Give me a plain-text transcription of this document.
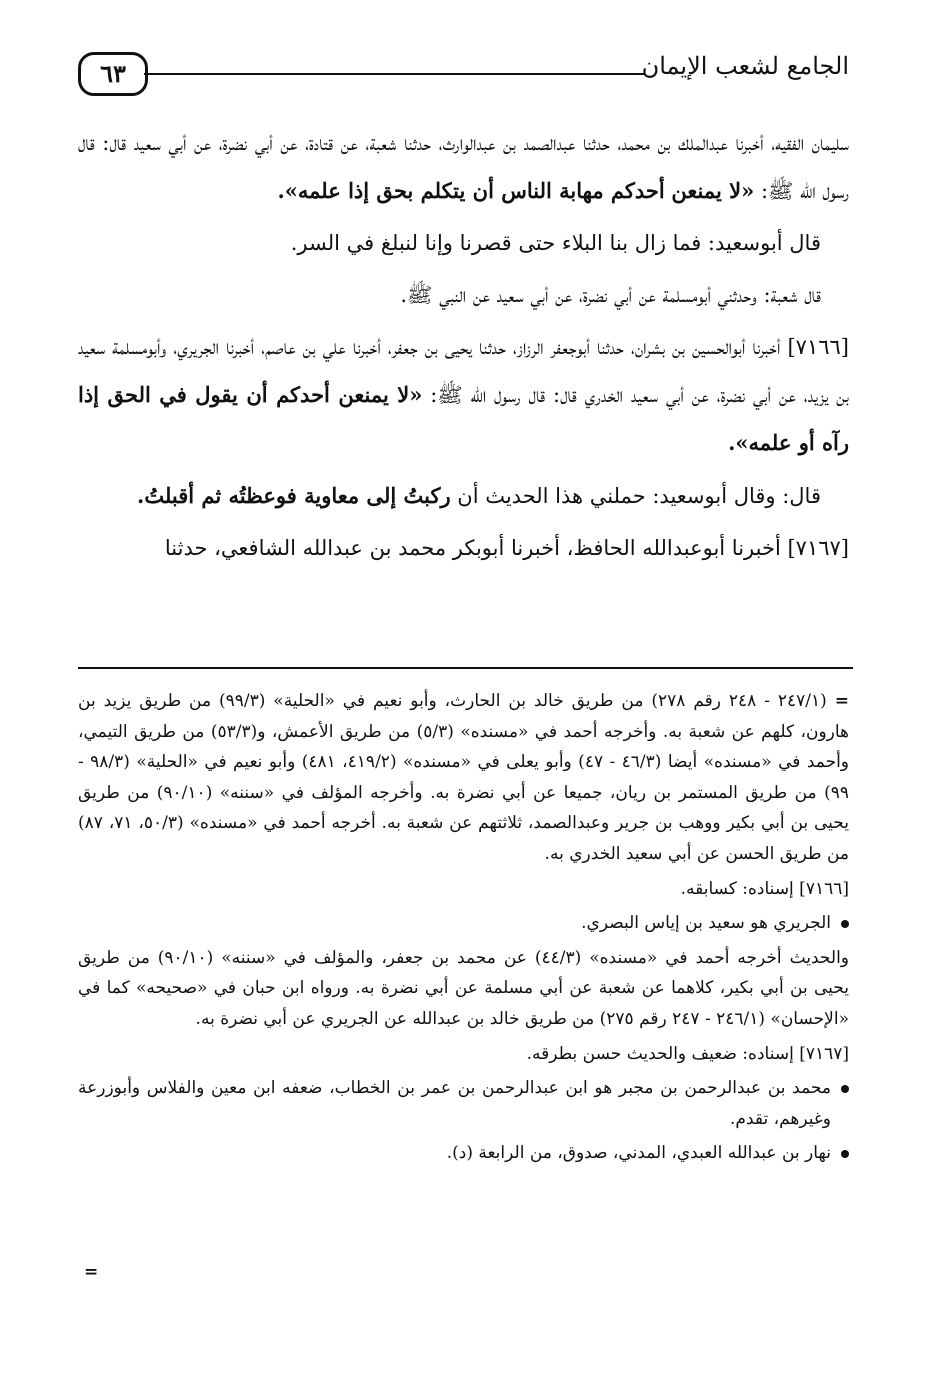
٦٣	الجامع لشعب الإيمان

سليمان الفقيه، أخبرنا عبدالملك بن محمد، حدثنا عبدالصمد بن عبدالوارث، حدثنا شعبة، عن قتادة، عن أبي نضرة، عن أبي سعيد قال: قال رسول الله ﷺ: «لا يمنعن أحدكم مهابة الناس أن يتكلم بحق إذا علمه».

قال أبوسعيد: فما زال بنا البلاء حتى قصرنا وإنا لنبلغ في السر.

قال شعبة: وحدثني أبومسلمة عن أبي نضرة، عن أبي سعيد عن النبي ﷺ.

[٧١٦٦] أخبرنا أبوالحسين بن بشران، حدثنا أبوجعفر الرزاز، حدثنا يحيى بن جعفر، أخبرنا علي بن عاصم، أخبرنا الجريري، وأبومسلمة سعيد بن يزيد، عن أبي نضرة، عن أبي سعيد الخدري قال: قال رسول الله ﷺ: «لا يمنعن أحدكم أن يقول في الحق إذا رآه أو علمه».

قال: وقال أبوسعيد: حملني هذا الحديث أن ركبتُ إلى معاوية فوعظتُه ثم أقبلتُ.

[٧١٦٧] أخبرنا أبوعبدالله الحافظ، أخبرنا أبوبكر محمد بن عبدالله الشافعي، حدثنا

= (٢٤٧/١ - ٢٤٨ رقم ٢٧٨) من طريق خالد بن الحارث، وأبو نعيم في «الحلية» (٩٩/٣) من طريق يزيد بن هارون، كلهم عن شعبة به. وأخرجه أحمد في «مسنده» (٥/٣) من طريق الأعمش، و(٥٣/٣) من طريق التيمي، وأحمد في «مسنده» أيضا (٤٦/٣ - ٤٧) وأبو يعلى في «مسنده» (٤١٩/٢، ٤٨١) وأبو نعيم في «الحلية» (٩٨/٣ - ٩٩) من طريق المستمر بن ريان، جميعا عن أبي نضرة به. وأخرجه المؤلف في «سننه» (٩٠/١٠) من طريق يحيى بن أبي بكير ووهب بن جرير وعبدالصمد، ثلاثتهم عن شعبة به. أخرجه أحمد في «مسنده» (٥٠/٣، ٧١، ٨٧) من طريق الحسن عن أبي سعيد الخدري به.

[٧١٦٦] إسناده: كسابقه.

الجريري هو سعيد بن إياس البصري.

والحديث أخرجه أحمد في «مسنده» (٤٤/٣) عن محمد بن جعفر، والمؤلف في «سننه» (٩٠/١٠) من طريق يحيى بن أبي بكير، كلاهما عن شعبة عن أبي مسلمة عن أبي نضرة به. ورواه ابن حبان في «صحيحه» كما في «الإحسان» (٢٤٦/١ - ٢٤٧ رقم ٢٧٥) من طريق خالد بن عبدالله عن الجريري عن أبي نضرة به.

[٧١٦٧] إسناده: ضعيف والحديث حسن بطرقه.

محمد بن عبدالرحمن بن مجبر هو ابن عبدالرحمن بن عمر بن الخطاب، ضعفه ابن معين والفلاس وأبوزرعة وغيرهم، تقدم.

نهار بن عبدالله العبدي، المدني، صدوق، من الرابعة (د).

=
